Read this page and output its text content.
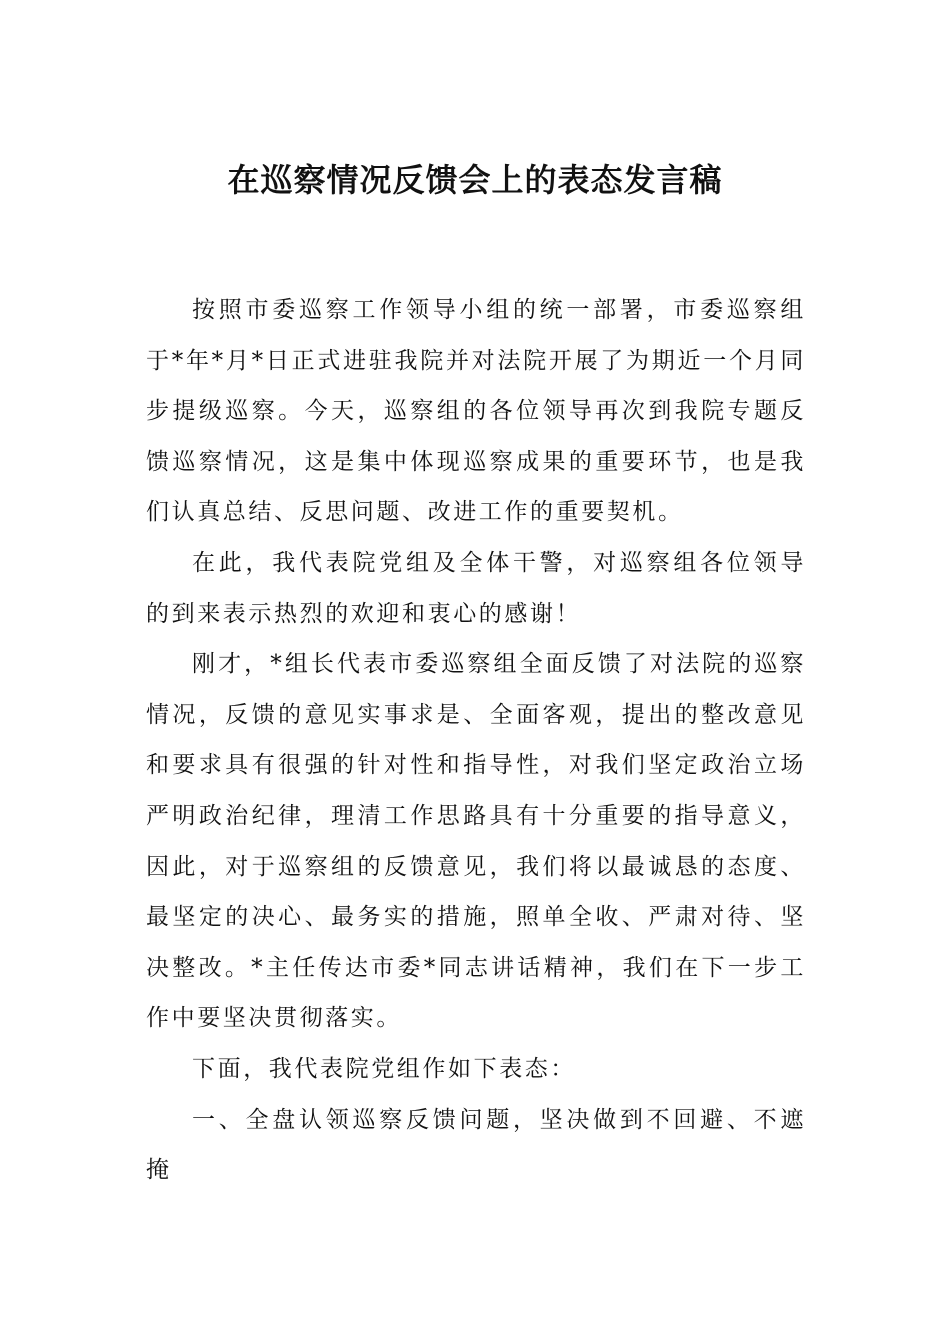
在巡察情况反馈会上的表态发言稿

按照市委巡察工作领导小组的统一部署，市委巡察组于*年*月*日正式进驻我院并对法院开展了为期近一个月同步提级巡察。今天，巡察组的各位领导再次到我院专题反馈巡察情况，这是集中体现巡察成果的重要环节，也是我们认真总结、反思问题、改进工作的重要契机。

在此，我代表院党组及全体干警，对巡察组各位领导的到来表示热烈的欢迎和衷心的感谢！

刚才，*组长代表市委巡察组全面反馈了对法院的巡察情况，反馈的意见实事求是、全面客观，提出的整改意见和要求具有很强的针对性和指导性，对我们坚定政治立场严明政治纪律，理清工作思路具有十分重要的指导意义，因此，对于巡察组的反馈意见，我们将以最诚恳的态度、最坚定的决心、最务实的措施，照单全收、严肃对待、坚决整改。*主任传达市委*同志讲话精神，我们在下一步工作中要坚决贯彻落实。

下面，我代表院党组作如下表态：

一、全盘认领巡察反馈问题，坚决做到不回避、不遮掩
